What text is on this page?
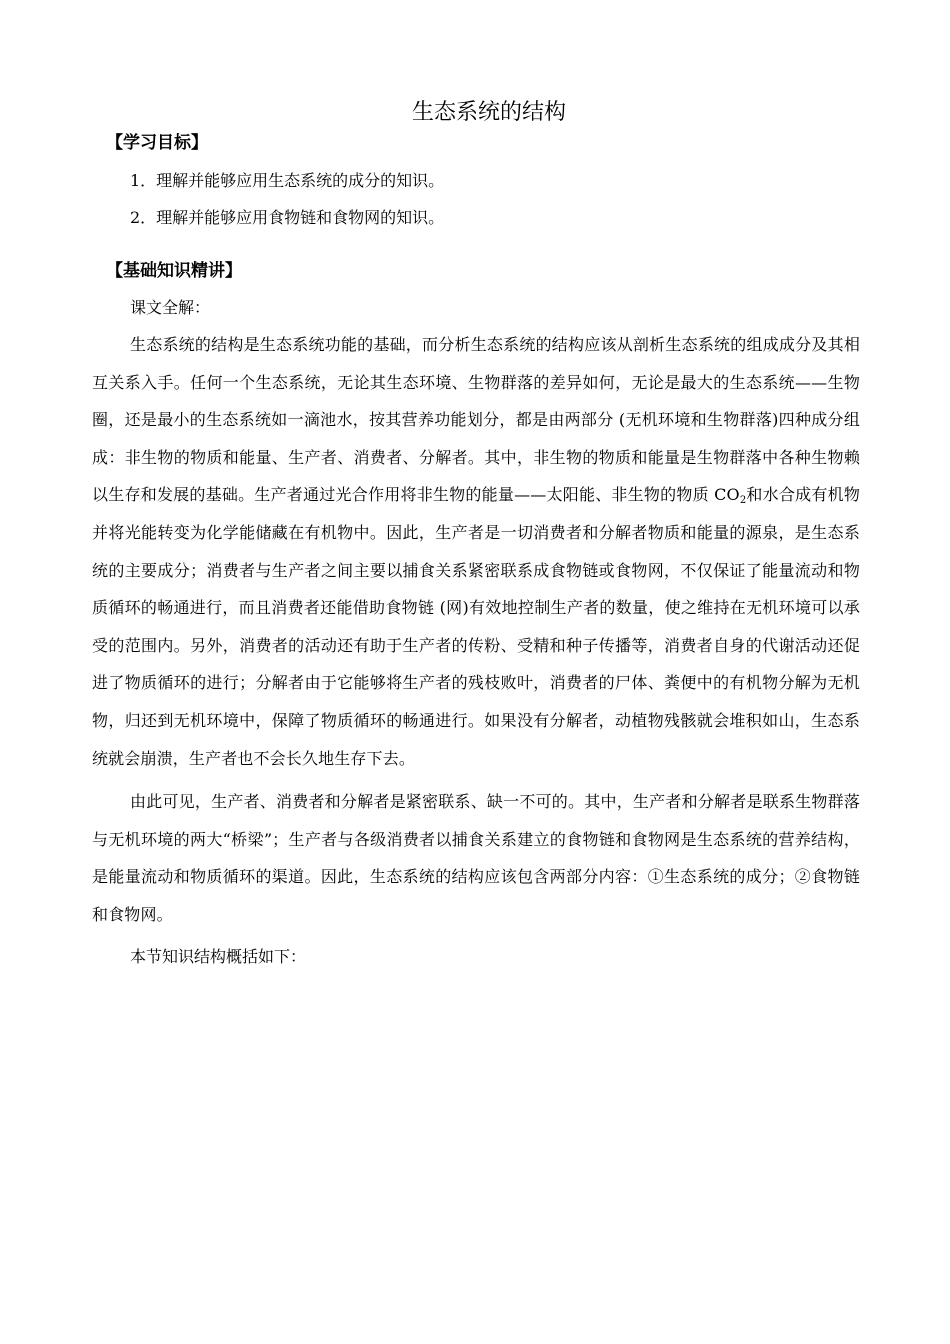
生态系统的结构
【学习目标】

1．理解并能够应用生态系统的成分的知识。

2．理解并能够应用食物链和食物网的知识。

【基础知识精讲】

课文全解：

生态系统的结构是生态系统功能的基础，而分析生态系统的结构应该从剖析生态系统的组成成分及其相互关系入手。任何一个生态系统，无论其生态环境、生物群落的差异如何，无论是最大的生态系统——生物圈，还是最小的生态系统如一滴池水，按其营养功能划分，都是由两部分 (无机环境和生物群落)四种成分组成：非生物的物质和能量、生产者、消费者、分解者。其中，非生物的物质和能量是生物群落中各种生物赖以生存和发展的基础。生产者通过光合作用将非生物的能量——太阳能、非生物的物质 $CO_2$和水合成有机物并将光能转变为化学能储藏在有机物中。因此，生产者是一切消费者和分解者物质和能量的源泉，是生态系统的主要成分；消费者与生产者之间主要以捕食关系紧密联系成食物链或食物网，不仅保证了能量流动和物质循环的畅通进行，而且消费者还能借助食物链 (网)有效地控制生产者的数量，使之维持在无机环境可以承受的范围内。另外，消费者的活动还有助于生产者的传粉、受精和种子传播等，消费者自身的代谢活动还促进了物质循环的进行；分解者由于它能够将生产者的残枝败叶，消费者的尸体、粪便中的有机物分解为无机物，归还到无机环境中，保障了物质循环的畅通进行。如果没有分解者，动植物残骸就会堆积如山，生态系统就会崩溃，生产者也不会长久地生存下去。

由此可见，生产者、消费者和分解者是紧密联系、缺一不可的。其中，生产者和分解者是联系生物群落与无机环境的两大“桥梁”；生产者与各级消费者以捕食关系建立的食物链和食物网是生态系统的营养结构，是能量流动和物质循环的渠道。因此，生态系统的结构应该包含两部分内容：①生态系统的成分；②食物链和食物网。

本节知识结构概括如下：
